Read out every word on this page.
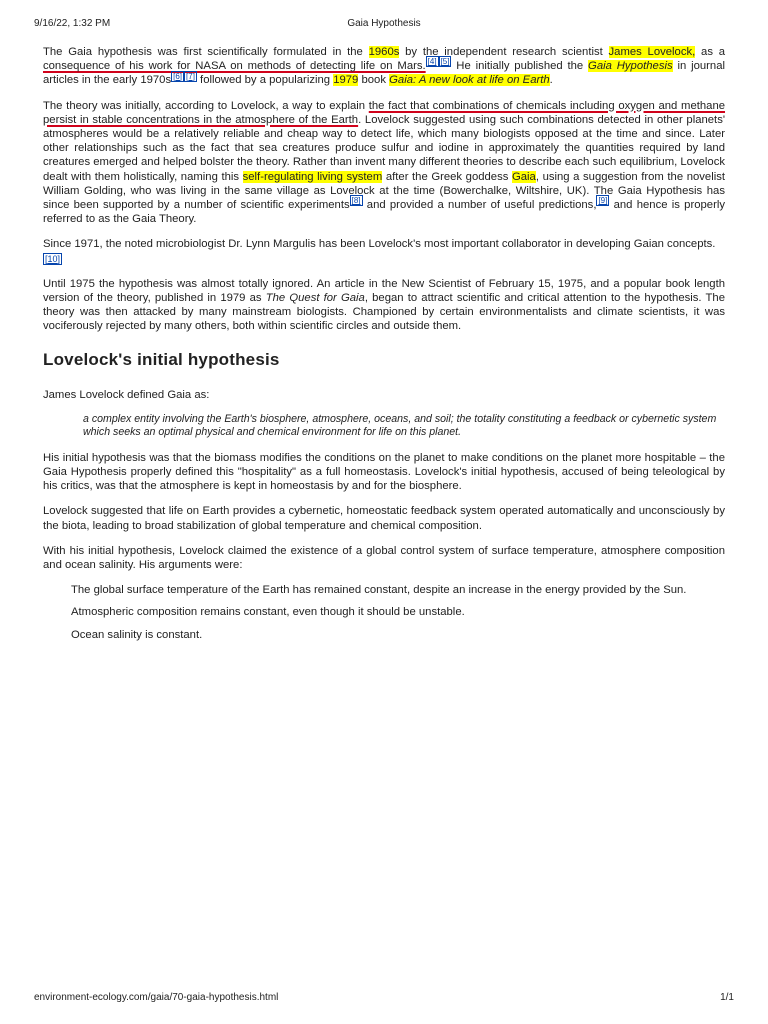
9/16/22, 1:32 PM	Gaia Hypothesis

The Gaia hypothesis was first scientifically formulated in the 1960s by the independent research scientist James Lovelock, as a consequence of his work for NASA on methods of detecting life on Mars. [4] [5] He initially published the Gaia Hypothesis in journal articles in the early 1970s [6] [7] followed by a popularizing 1979 book Gaia: A new look at life on Earth.

The theory was initially, according to Lovelock, a way to explain the fact that combinations of chemicals including oxygen and methane persist in stable concentrations in the atmosphere of the Earth. Lovelock suggested using such combinations detected in other planets' atmospheres would be a relatively reliable and cheap way to detect life, which many biologists opposed at the time and since. Later other relationships such as the fact that sea creatures produce sulfur and iodine in approximately the quantities required by land creatures emerged and helped bolster the theory. Rather than invent many different theories to describe each such equilibrium, Lovelock dealt with them holistically, naming this self-regulating living system after the Greek goddess Gaia, using a suggestion from the novelist William Golding, who was living in the same village as Lovelock at the time (Bowerchalke, Wiltshire, UK). The Gaia Hypothesis has since been supported by a number of scientific experiments [8] and provided a number of useful predictions, [9] and hence is properly referred to as the Gaia Theory.

Since 1971, the noted microbiologist Dr. Lynn Margulis has been Lovelock's most important collaborator in developing Gaian concepts.
[10]

Until 1975 the hypothesis was almost totally ignored. An article in the New Scientist of February 15, 1975, and a popular book length version of the theory, published in 1979 as The Quest for Gaia, began to attract scientific and critical attention to the hypothesis. The theory was then attacked by many mainstream biologists. Championed by certain environmentalists and climate scientists, it was vociferously rejected by many others, both within scientific circles and outside them.

Lovelock's initial hypothesis

James Lovelock defined Gaia as:

a complex entity involving the Earth's biosphere, atmosphere, oceans, and soil; the totality constituting a feedback or cybernetic system which seeks an optimal physical and chemical environment for life on this planet.

His initial hypothesis was that the biomass modifies the conditions on the planet to make conditions on the planet more hospitable – the Gaia Hypothesis properly defined this "hospitality" as a full homeostasis. Lovelock's initial hypothesis, accused of being teleological by his critics, was that the atmosphere is kept in homeostasis by and for the biosphere.

Lovelock suggested that life on Earth provides a cybernetic, homeostatic feedback system operated automatically and unconsciously by the biota, leading to broad stabilization of global temperature and chemical composition.

With his initial hypothesis, Lovelock claimed the existence of a global control system of surface temperature, atmosphere composition and ocean salinity. His arguments were:

The global surface temperature of the Earth has remained constant, despite an increase in the energy provided by the Sun.

Atmospheric composition remains constant, even though it should be unstable.

Ocean salinity is constant.

environment-ecology.com/gaia/70-gaia-hypothesis.html	1/1
